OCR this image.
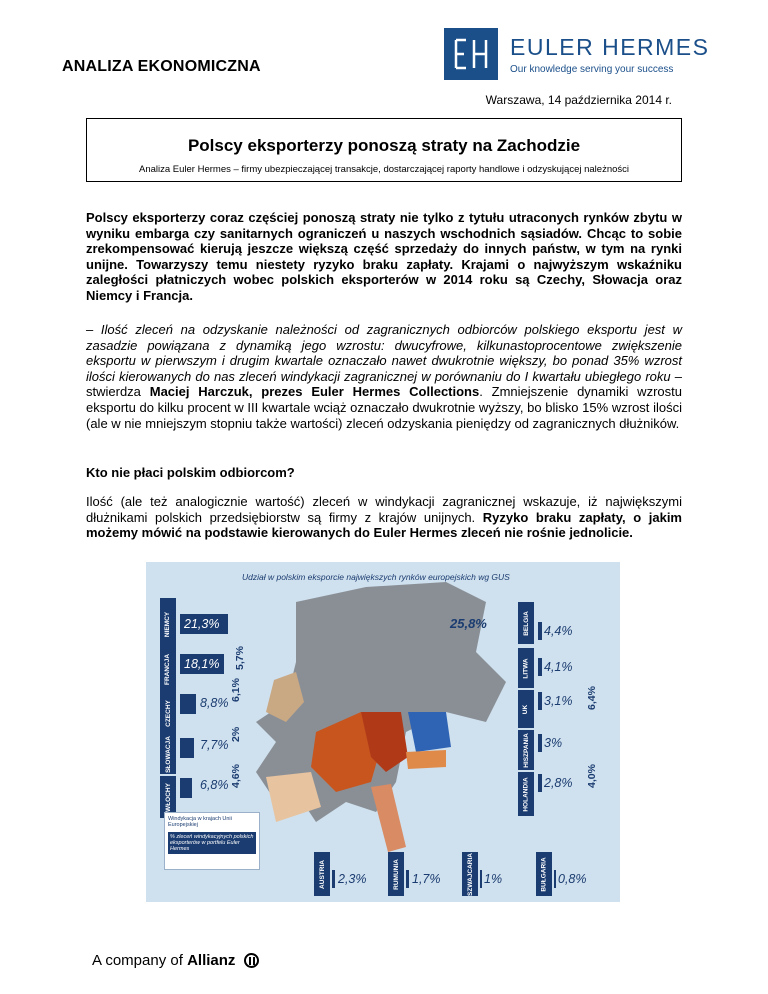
ANALIZA EKONOMICZNA
EULER HERMES
Our knowledge serving your success
Warszawa, 14 października 2014 r.
Polscy eksporterzy ponoszą straty na Zachodzie
Analiza Euler Hermes – firmy ubezpieczającej transakcje, dostarczającej raporty handlowe i odzyskującej należności
Polscy eksporterzy coraz częściej ponoszą straty nie tylko z tytułu utraconych rynków zbytu w wyniku embarga czy sanitarnych ograniczeń u naszych wschodnich sąsiadów. Chcąc to sobie zrekompensować kierują jeszcze większą część sprzedaży do innych państw, w tym na rynki unijne. Towarzyszy temu niestety ryzyko braku zapłaty. Krajami o najwyższym wskaźniku zaległości płatniczych wobec polskich eksporterów w 2014 roku są Czechy, Słowacja oraz Niemcy i Francja.
– Ilość zleceń na odzyskanie należności od zagranicznych odbiorców polskiego eksportu jest w zasadzie powiązana z dynamiką jego wzrostu: dwucyfrowe, kilkunastoprocentowe zwiększenie eksportu w pierwszym i drugim kwartale oznaczało nawet dwukrotnie większy, bo ponad 35% wzrost ilości kierowanych do nas zleceń windykacji zagranicznej w porównaniu do I kwartału ubiegłego roku – stwierdza Maciej Harczuk, prezes Euler Hermes Collections. Zmniejszenie dynamiki wzrostu eksportu do kilku procent w III kwartale wciąż oznaczało dwukrotnie wyższy, bo blisko 15% wzrost ilości (ale w nie mniejszym stopniu także wartości) zleceń odzyskania pieniędzy od zagranicznych dłużników.
Kto nie płaci polskim odbiorcom?
Ilość (ale też analogicznie wartość) zleceń w windykacji zagranicznej wskazuje, iż największymi dłużnikami polskich przedsiębiorstw są firmy z krajów unijnych. Ryzyko braku zapłaty, o jakim możemy mówić na podstawie kierowanych do Euler Hermes zleceń nie rośnie jednolicie.
Udział w polskim eksporcie największych rynków europejskich wg GUS
NIEMCY	21,3%	25,8%
FRANCJA	18,1%	5,7%
CZECHY 8,8%
6,1%
SŁOWACJA 7,7%
2%
WŁOCHY 6,8% 4,6%
BELGIA 4,4%
LITWA 4,1%
UK
3,1% 6,4%
HISZPANIA 3%
HOLANDIA 2,8% 4,0%
Windykacja w krajach Unii Europejskiej
% zleceń windykacyjnych polskich eksporterów w portfelu Euler Hermes
AUSTRIA 2,3%	RUMUNIA 1,7%	SZWAJCARIA 1%	BUŁGARIA 0,8%
A company of Allianz
